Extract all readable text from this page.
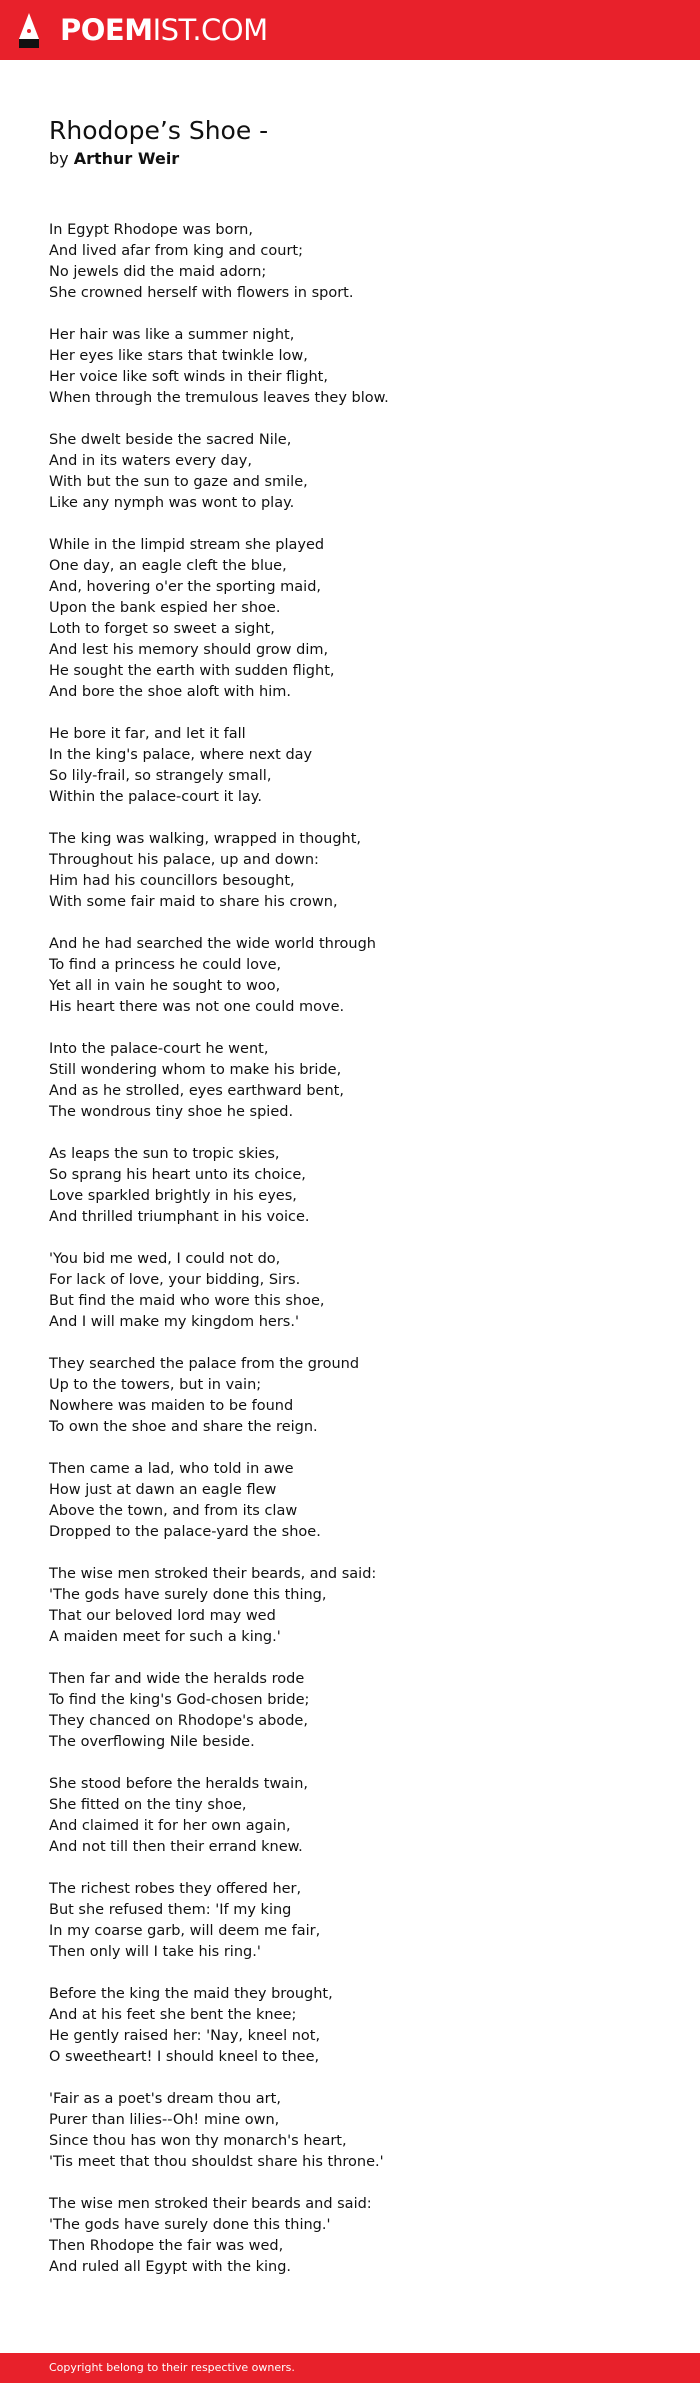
POEMIST.COM
Rhodope’s Shoe -
by Arthur Weir

In Egypt Rhodope was born,
And lived afar from king and court;
No jewels did the maid adorn;
She crowned herself with flowers in sport.

Her hair was like a summer night,
Her eyes like stars that twinkle low,
Her voice like soft winds in their flight,
When through the tremulous leaves they blow.

She dwelt beside the sacred Nile,
And in its waters every day,
With but the sun to gaze and smile,
Like any nymph was wont to play.

While in the limpid stream she played
One day, an eagle cleft the blue,
And, hovering o'er the sporting maid,
Upon the bank espied her shoe.
Loth to forget so sweet a sight,
And lest his memory should grow dim,
He sought the earth with sudden flight,
And bore the shoe aloft with him.

He bore it far, and let it fall
In the king's palace, where next day
So lily-frail, so strangely small,
Within the palace-court it lay.

The king was walking, wrapped in thought,
Throughout his palace, up and down:
Him had his councillors besought,
With some fair maid to share his crown,

And he had searched the wide world through
To find a princess he could love,
Yet all in vain he sought to woo,
His heart there was not one could move.

Into the palace-court he went,
Still wondering whom to make his bride,
And as he strolled, eyes earthward bent,
The wondrous tiny shoe he spied.

As leaps the sun to tropic skies,
So sprang his heart unto its choice,
Love sparkled brightly in his eyes,
And thrilled triumphant in his voice.

'You bid me wed, I could not do,
For lack of love, your bidding, Sirs.
But find the maid who wore this shoe,
And I will make my kingdom hers.'

They searched the palace from the ground
Up to the towers, but in vain;
Nowhere was maiden to be found
To own the shoe and share the reign.

Then came a lad, who told in awe
How just at dawn an eagle flew
Above the town, and from its claw
Dropped to the palace-yard the shoe.

The wise men stroked their beards, and said:
'The gods have surely done this thing,
That our beloved lord may wed
A maiden meet for such a king.'

Then far and wide the heralds rode
To find the king's God-chosen bride;
They chanced on Rhodope's abode,
The overflowing Nile beside.

She stood before the heralds twain,
She fitted on the tiny shoe,
And claimed it for her own again,
And not till then their errand knew.

The richest robes they offered her,
But she refused them: 'If my king
In my coarse garb, will deem me fair,
Then only will I take his ring.'

Before the king the maid they brought,
And at his feet she bent the knee;
He gently raised her: 'Nay, kneel not,
O sweetheart! I should kneel to thee,

'Fair as a poet's dream thou art,
Purer than lilies--Oh! mine own,
Since thou has won thy monarch's heart,
'Tis meet that thou shouldst share his throne.'

The wise men stroked their beards and said:
'The gods have surely done this thing.'
Then Rhodope the fair was wed,
And ruled all Egypt with the king.

Copyright belong to their respective owners.
